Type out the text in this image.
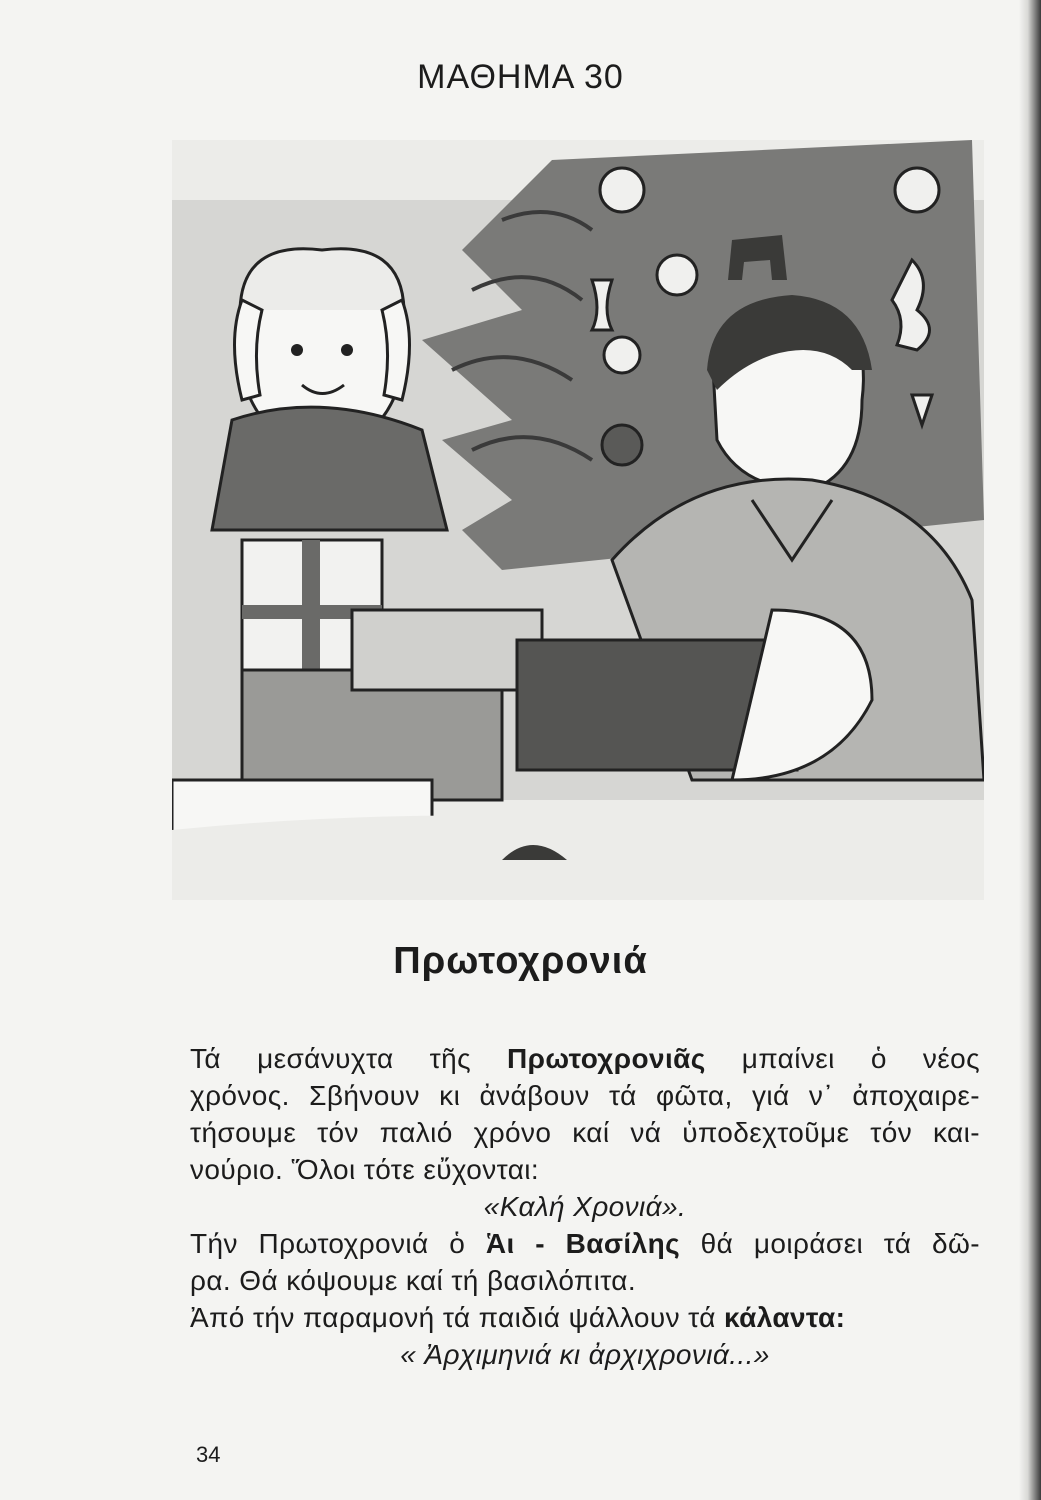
ΜΑΘΗΜΑ 30
Πρωτοχρονιά
Τά μεσάνυχτα τῆς Πρωτοχρονιᾶς μπαίνει ὁ νέος
χρόνος. Σβήνουν κι ἀνάβουν τά φῶτα, γιά ν᾿ ἀποχαιρε-
τήσουμε τόν παλιό χρόνο καί νά ὑποδεχτοῦμε τόν και-
νούριο. Ὅλοι τότε εὔχονται:
«Καλή Χρονιά».
Τήν Πρωτοχρονιά ὁ Ἁι - Βασίλης θά μοιράσει τά δῶ-
ρα. Θά κόψουμε καί τή βασιλόπιτα.
Ἀπό τήν παραμονή τά παιδιά ψάλλουν τά κάλαντα:
« Ἀρχιμηνιά κι ἀρχιχρονιά...»
34
